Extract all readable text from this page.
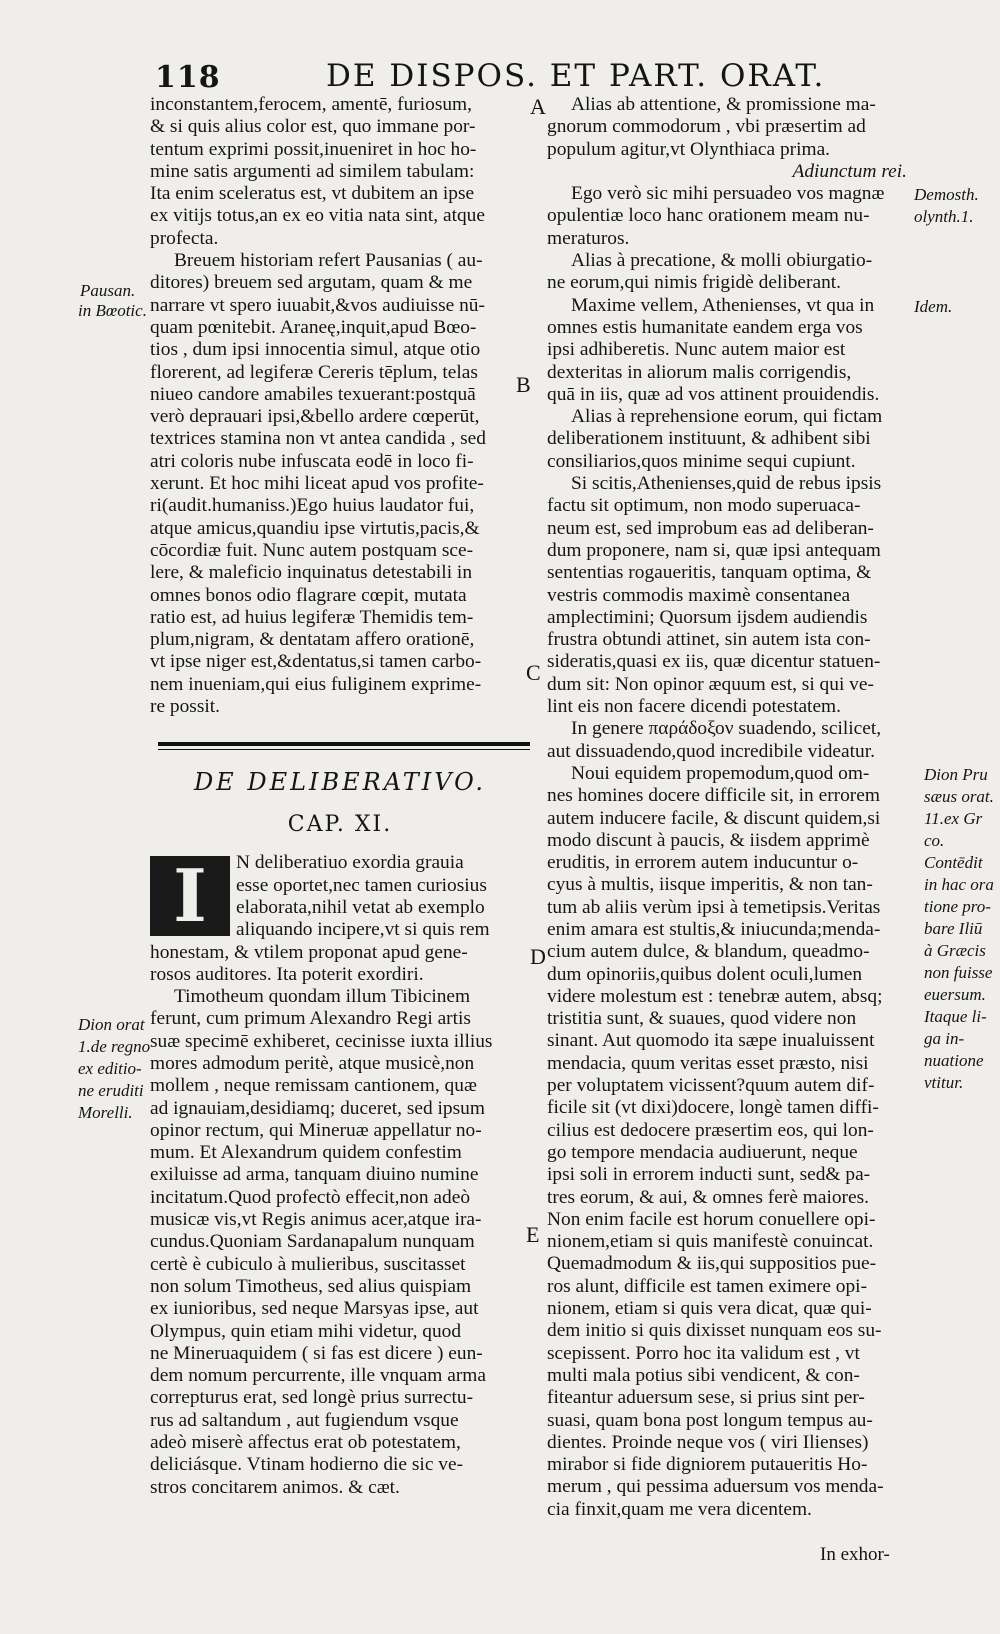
118	DE DISPOS. ET PART. ORAT.
inconstantem,ferocem, amentē, furiosum,
& si quis alius color est, quo immane por-
tentum exprimi possit,inueniret in hoc ho-
mine satis argumenti ad similem tabulam:
Ita enim sceleratus est, vt dubitem an ipse
ex vitijs totus,an ex eo vitia nata sint, atque
profecta.
Breuem historiam refert Pausanias ( au-
ditores) breuem sed argutam, quam & me
narrare vt spero iuuabit,&vos audiuisse nū-
quam pœnitebit. Araneę,inquit,apud Bœo-
tios , dum ipsi innocentia simul, atque otio
florerent, ad legiferæ Cereris tēplum, telas
niueo candore amabiles texuerant:postquā
verò deprauari ipsi,&bello ardere cœperūt,
textrices stamina non vt antea candida , sed
atri coloris nube infuscata eodē in loco fi-
xerunt. Et hoc mihi liceat apud vos profite-
ri(audit.humaniss.)Ego huius laudator fui,
atque amicus,quandiu ipse virtutis,pacis,&
cōcordiæ fuit. Nunc autem postquam sce-
lere, & maleficio inquinatus detestabili in
omnes bonos odio flagrare cœpit, mutata
ratio est, ad huius legiferæ Themidis tem-
plum,nigram, & dentatam affero orationē,
vt ipse niger est,&dentatus,si tamen carbo-
nem inueniam,qui eius fuliginem exprime-
re possit.
DE DELIBERATIVO.
CAP. XI.
I	N deliberatiuo exordia grauia
esse oportet,nec tamen curiosius
elaborata,nihil vetat ab exemplo
aliquando incipere,vt si quis rem
honestam, & vtilem proponat apud gene-
rosos auditores. Ita poterit exordiri.
Timotheum quondam illum Tibicinem
ferunt, cum primum Alexandro Regi artis
suæ specimē exhiberet, cecinisse iuxta illius
mores admodum peritè, atque musicè,non
mollem , neque remissam cantionem, quæ
ad ignauiam,desidiamq; duceret, sed ipsum
opinor rectum, qui Mineruæ appellatur no-
mum. Et Alexandrum quidem confestim
exiluisse ad arma, tanquam diuino numine
incitatum.Quod profectò effecit,non adeò
musicæ vis,vt Regis animus acer,atque ira-
cundus.Quoniam Sardanapalum nunquam
certè è cubiculo à mulieribus, suscitasset
non solum Timotheus, sed alius quispiam
ex iunioribus, sed neque Marsyas ipse, aut
Olympus, quin etiam mihi videtur, quod
ne Mineruaquidem ( si fas est dicere ) eun-
dem nomum percurrente, ille vnquam arma
correpturus erat, sed longè prius surrectu-
rus ad saltandum , aut fugiendum vsque
adeò miserè affectus erat ob potestatem,
deliciásque. Vtinam hodierno die sic ve-
stros concitarem animos. & cæt.
Alias ab attentione, & promissione ma-
gnorum commodorum , vbi præsertim ad
populum agitur,vt Olynthiaca prima.
Adiunctum rei.
Ego verò sic mihi persuadeo vos magnæ
opulentiæ loco hanc orationem meam nu-
meraturos.
Alias à precatione, & molli obiurgatio-
ne eorum,qui nimis frigidè deliberant.
Maxime vellem, Athenienses, vt qua in
omnes estis humanitate eandem erga vos
ipsi adhiberetis. Nunc autem maior est
dexteritas in aliorum malis corrigendis,
quā in iis, quæ ad vos attinent prouidendis.
Alias à reprehensione eorum, qui fictam
deliberationem instituunt, & adhibent sibi
consiliarios,quos minime sequi cupiunt.
Si scitis,Athenienses,quid de rebus ipsis
factu sit optimum, non modo superuaca-
neum est, sed improbum eas ad deliberan-
dum proponere, nam si, quæ ipsi antequam
sententias rogaueritis, tanquam optima, &
vestris commodis maximè consentanea
amplectimini; Quorsum ijsdem audiendis
frustra obtundi attinet, sin autem ista con-
sideratis,quasi ex iis, quæ dicentur statuen-
dum sit: Non opinor æquum est, si qui ve-
lint eis non facere dicendi potestatem.
In genere παράδοξον suadendo, scilicet,
aut dissuadendo,quod incredibile videatur.
Noui equidem propemodum,quod om-
nes homines docere difficile sit, in errorem
autem inducere facile, & discunt quidem,si
modo discunt à paucis, & iisdem apprimè
eruditis, in errorem autem inducuntur o-
cyus à multis, iisque imperitis, & non tan-
tum ab aliis verùm ipsi à temetipsis.Veritas
enim amara est stultis,& iniucunda;menda-
cium autem dulce, & blandum, queadmo-
dum opinoriis,quibus dolent oculi,lumen
videre molestum est : tenebræ autem, absq;
tristitia sunt, & suaues, quod videre non
sinant. Aut quomodo ita sæpe inualuissent
mendacia, quum veritas esset præsto, nisi
per voluptatem vicissent?quum autem dif-
ficile sit (vt dixi)docere, longè tamen diffi-
cilius est dedocere præsertim eos, qui lon-
go tempore mendacia audiuerunt, neque
ipsi soli in errorem inducti sunt, sed& pa-
tres eorum, & aui, & omnes ferè maiores.
Non enim facile est horum conuellere opi-
nionem,etiam si quis manifestè conuincat.
Quemadmodum & iis,qui suppositios pue-
ros alunt, difficile est tamen eximere opi-
nionem, etiam si quis vera dicat, quæ qui-
dem initio si quis dixisset nunquam eos su-
scepissent. Porro hoc ita validum est , vt
multi mala potius sibi vendicent, & con-
fiteantur aduersum sese, si prius sint per-
suasi, quam bona post longum tempus au-
dientes. Proinde neque vos ( viri Ilienses)
mirabor si fide digniorem putaueritis Ho-
merum , qui pessima aduersum vos menda-
cia finxit,quam me vera dicentem.
In exhor-
A
B
C
D
E
Pausan.
in Bœotic.
Dion orat
1.de regno
ex editio-
ne eruditi
Morelli.
Demosth.
olynth.1.
Idem.
Dion Pru
sæus orat.
11.ex Gr
co.
Contēdit
in hac ora
tione pro-
bare Iliū
à Græcis
non fuisse
euersum.
Itaque li-
ga in-
nuatione
vtitur.
